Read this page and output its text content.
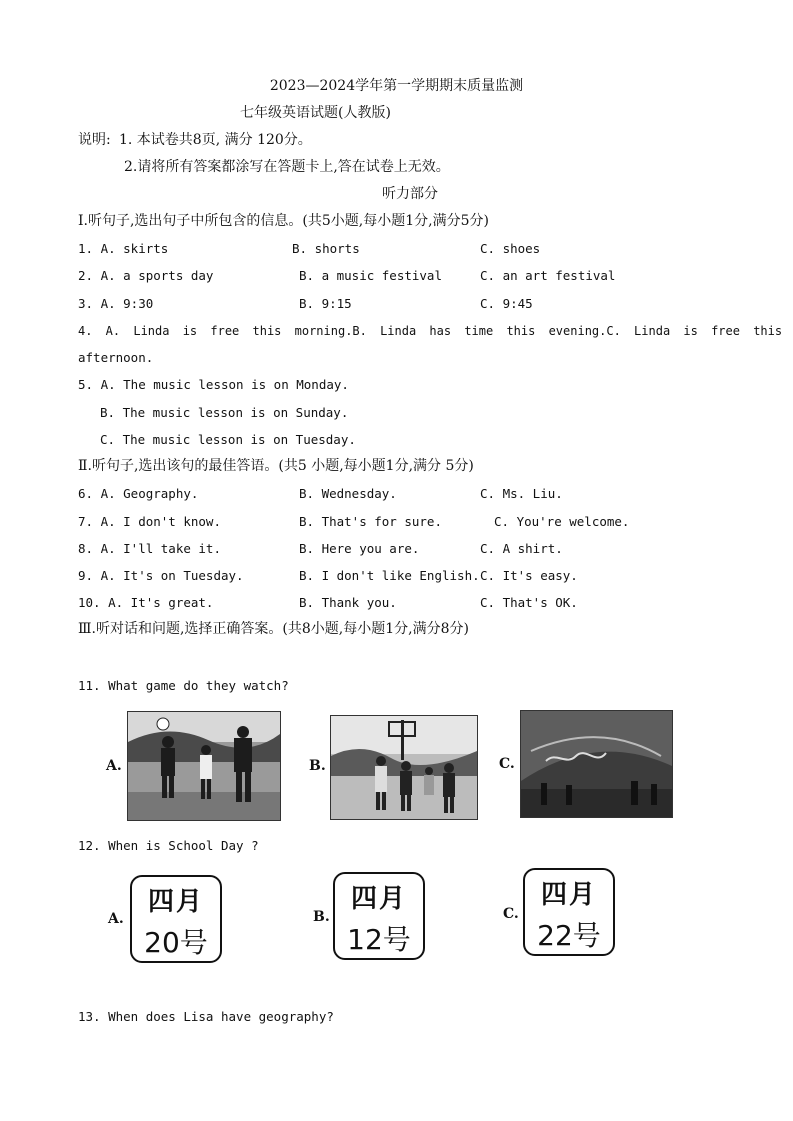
2023—2024学年第一学期期末质量监测
七年级英语试题(人教版)
说明: 1. 本试卷共8页, 满分 120分。
2.请将所有答案都涂写在答题卡上,答在试卷上无效。
听力部分
Ⅰ.听句子,选出句子中所包含的信息。(共5小题,每小题1分,满分5分)
1. A. skirts	B. shorts	C. shoes
2. A. a sports day	B. a music festival	C. an art festival
3. A. 9:30	B. 9:15	C. 9:45
4. A. Linda is free this morning.B. Linda has time this evening.C. Linda is free this
afternoon.
5. A. The music lesson is on Monday.
B. The music lesson is on Sunday.
C. The music lesson is on Tuesday.
Ⅱ.听句子,选出该句的最佳答语。(共5 小题,每小题1分,满分 5分)
6. A. Geography.	B. Wednesday.	C. Ms. Liu.
7. A. I don't know.	B. That's for sure.	C. You're welcome.
8. A. I'll take it.	B. Here you are.	C. A shirt.
9. A. It's on Tuesday.	B. I don't like English. C. It's easy.
10. A. It's great.	B. Thank you.	C. That's OK.
Ⅲ.听对话和问题,选择正确答案。(共8小题,每小题1分,满分8分)
11. What game do they watch?
A.	B.	C.
12. When is School Day ?
A.
四月
20号
B.
四月
12号
C.
四月
22号
13. When does Lisa have geography?
